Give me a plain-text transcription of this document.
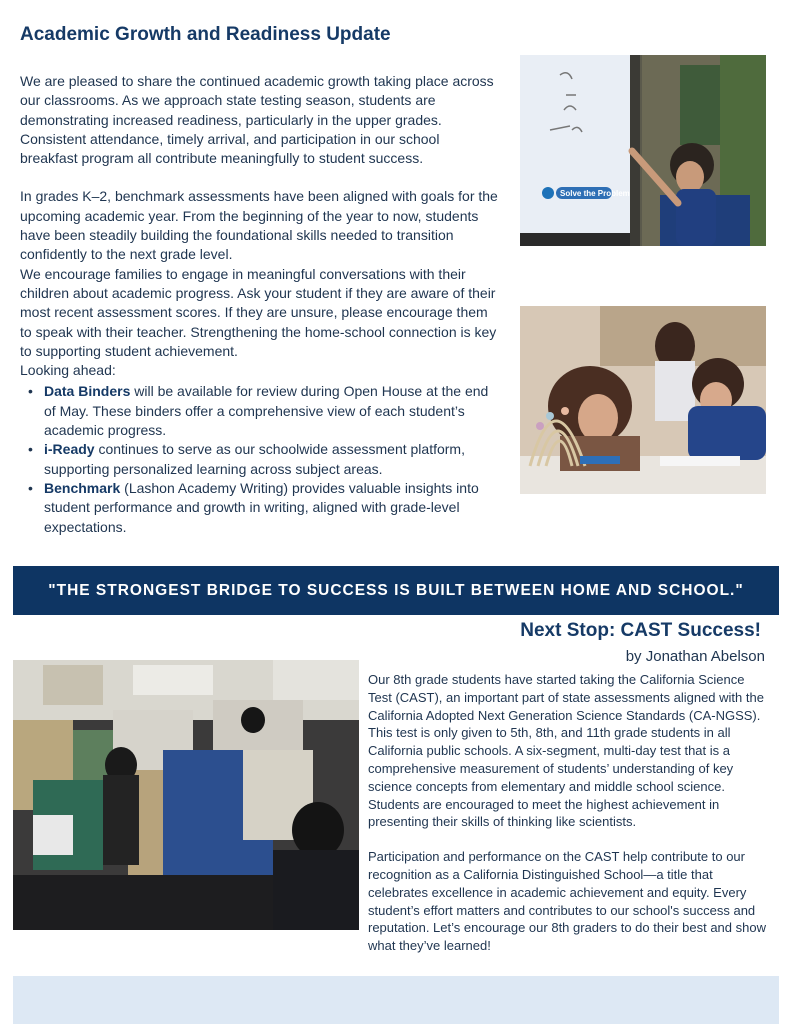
Academic Growth and Readiness Update

We are pleased to share the continued academic growth taking place across our classrooms. As we approach state testing season, students are demonstrating increased readiness, particularly in the upper grades. Consistent attendance, timely arrival, and participation in our school breakfast program all contribute meaningfully to student success.

In grades K–2, benchmark assessments have been aligned with goals for the upcoming academic year. From the beginning of the year to now, students have been steadily building the foundational skills needed to transition confidently to the next grade level.

We encourage families to engage in meaningful conversations with their children about academic progress. Ask your student if they are aware of their most recent assessment scores. If they are unsure, please encourage them to speak with their teacher. Strengthening the home-school connection is key to supporting student achievement.

Looking ahead:

• Data Binders will be available for review during Open House at the end of May. These binders offer a comprehensive view of each student’s academic progress.
• i-Ready continues to serve as our schoolwide assessment platform, supporting personalized learning across subject areas.
• Benchmark (Lashon Academy Writing) provides valuable insights into student performance and growth in writing, aligned with grade-level expectations.
Solve the Problem
"THE STRONGEST BRIDGE TO SUCCESS IS BUILT BETWEEN HOME AND SCHOOL."
Next Stop: CAST Success!
by Jonathan Abelson

Our 8th grade students have started taking the California Science Test (CAST), an important part of state assessments aligned with the California Adopted Next Generation Science Standards (CA-NGSS). This test is only given to 5th, 8th, and 11th grade students in all California public schools. A six-segment, multi-day test that is a comprehensive measurement of students’ understanding of key science concepts from elementary and middle school science. Students are encouraged to meet the highest achievement in presenting their skills of thinking like scientists.

Participation and performance on the CAST help contribute to our recognition as a California Distinguished School—a title that celebrates excellence in academic achievement and equity. Every student’s effort matters and contributes to our school's success and reputation. Let’s encourage our 8th graders to do their best and show what they’ve learned!
